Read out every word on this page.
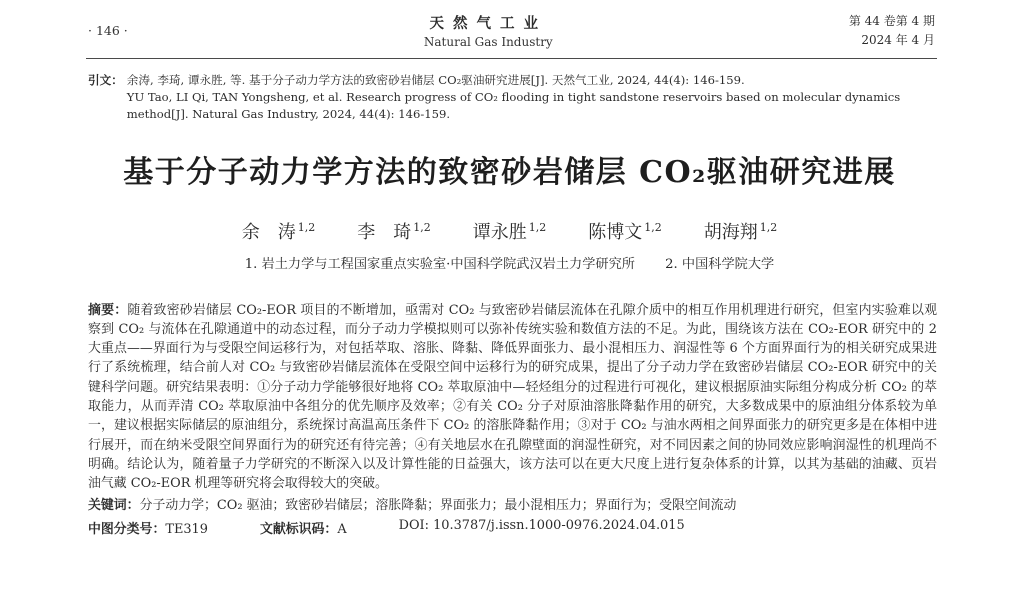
· 146 ·	天然气工业
Natural Gas Industry
第 44 卷第 4 期
2024 年 4 月
引文： 余涛, 李琦, 谭永胜, 等. 基于分子动力学方法的致密砂岩储层 CO₂驱油研究进展[J]. 天然气工业, 2024, 44(4): 146-159.
YU Tao, LI Qi, TAN Yongsheng, et al. Research progress of CO₂ flooding in tight sandstone reservoirs based on molecular dynamics method[J]. Natural Gas Industry, 2024, 44(4): 146-159.
基于分子动力学方法的致密砂岩储层 CO₂驱油研究进展
余　涛 $^{1,2}$ 李　琦 $^{1,2}$ 谭永胜 $^{1,2}$ 陈博文 $^{1,2}$ 胡海翔 $^{1,2}$
1. 岩土力学与工程国家重点实验室·中国科学院武汉岩土力学研究所 2. 中国科学院大学

摘要：随着致密砂岩储层 CO₂-EOR 项目的不断增加，亟需对 CO₂ 与致密砂岩储层流体在孔隙介质中的相互作用机理进行研究，但室内实验难以观察到 CO₂ 与流体在孔隙通道中的动态过程，而分子动力学模拟则可以弥补传统实验和数值方法的不足。为此，围绕该方法在 CO₂-EOR 研究中的 2 大重点——界面行为与受限空间运移行为，对包括萃取、溶胀、降黏、降低界面张力、最小混相压力、润湿性等 6 个方面界面行为的相关研究成果进行了系统梳理，结合前人对 CO₂ 与致密砂岩储层流体在受限空间中运移行为的研究成果，提出了分子动力学在致密砂岩储层 CO₂-EOR 研究中的关键科学问题。研究结果表明：①分子动力学能够很好地将 CO₂ 萃取原油中—轻烃组分的过程进行可视化，建议根据原油实际组分构成分析 CO₂ 的萃取能力，从而弄清 CO₂ 萃取原油中各组分的优先顺序及效率；②有关 CO₂ 分子对原油溶胀降黏作用的研究，大多数成果中的原油组分体系较为单一，建议根据实际储层的原油组分，系统探讨高温高压条件下 CO₂ 的溶胀降黏作用；③对于 CO₂ 与油水两相之间界面张力的研究更多是在体相中进行展开，而在纳米受限空间界面行为的研究还有待完善；④有关地层水在孔隙壁面的润湿性研究，对不同因素之间的协同效应影响润湿性的机理尚不明确。结论认为，随着量子力学研究的不断深入以及计算性能的日益强大，该方法可以在更大尺度上进行复杂体系的计算，以其为基础的油藏、页岩油气藏 CO₂-EOR 机理等研究将会取得较大的突破。

关键词：分子动力学；CO₂ 驱油；致密砂岩储层；溶胀降黏；界面张力；最小混相压力；界面行为；受限空间流动

中图分类号：TE319	文献标识码：A	DOI: 10.3787/j.issn.1000-0976.2024.04.015
